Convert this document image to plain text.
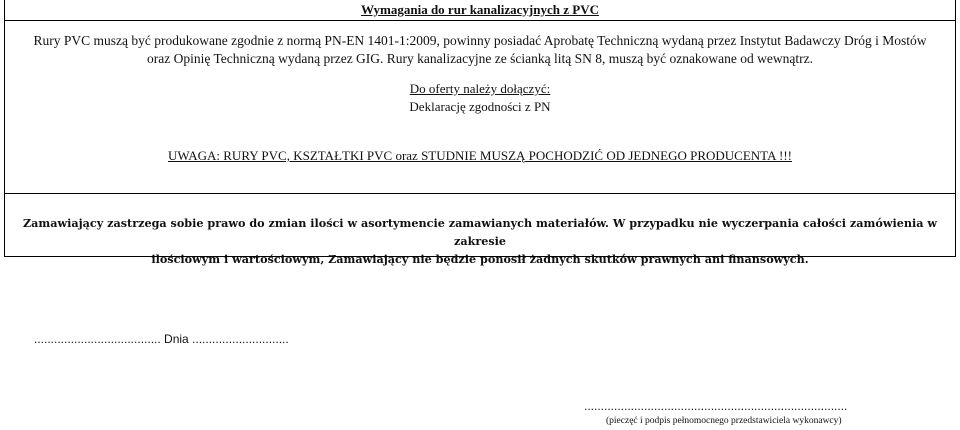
Wymagania do rur kanalizacyjnych z PVC
Rury PVC muszą być produkowane zgodnie z normą PN-EN 1401-1:2009, powinny posiadać Aprobatę Techniczną wydaną przez Instytut Badawczy Dróg i Mostów
oraz Opinię Techniczną wydaną przez GIG. Rury kanalizacyjne ze ścianką litą SN 8, muszą być oznakowane od wewnątrz.
Do oferty należy dołączyć:
Deklarację zgodności z PN
UWAGA: RURY PVC, KSZTAŁTKI PVC oraz STUDNIE MUSZĄ POCHODZIĆ OD JEDNEGO PRODUCENTA !!!
Zamawiający zastrzega sobie prawo do zmian ilości w asortymencie zamawianych materiałów. W przypadku nie wyczerpania całości zamówienia w zakresie
ilościowym i wartościowym, Zamawiający nie będzie ponosił żadnych skutków prawnych ani finansowych.
...................................... Dnia .............................
...............................................................................
(pieczęć i podpis pełnomocnego przedstawiciela wykonawcy)
